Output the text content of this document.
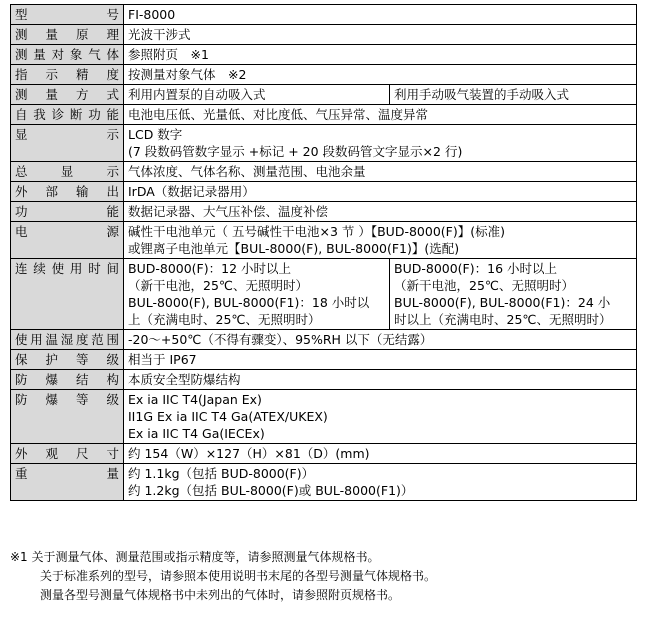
型号	FI-8000	
测量原理	光波干涉式	
测量对象气体	参照附页　※1	
指示精度	按测量对象气体　※2	
测量方式	利用内置泵的自动吸入式	利用手动吸气装置的手动吸入式
自我诊断功能	电池电压低、光量低、对比度低、气压异常、温度异常	
显示	LCD 数字
(7 段数码管数字显示 +标记 + 20 段数码管文字显示×2 行)	

总显示	气体浓度、气体名称、测量范围、电池余量	
外部输出	IrDA（数据记录器用）	
功能	数据记录器、大气压补偿、温度补偿	
电源	碱性干电池单元（ 五号碱性干电池×3 节 ）【BUD-8000(F)】(标准)
或锂离子电池单元【BUL-8000(F), BUL-8000(F1)】(选配)	

连续使用时间	BUD-8000(F)：12 小时以上
（新干电池，25℃、无照明时）
BUL-8000(F), BUL-8000(F1)：18 小时以
上（充满电时、25℃、无照明时）	BUD-8000(F)：16 小时以上
（新干电池，25℃、无照明时）
BUL-8000(F), BUL-8000(F1)：24 小
时以上（充满电时、25℃、无照明时）

使用温湿度范围	-20～+50℃（不得有骤变）、95%RH 以下（无结露）	
保护等级	相当于 IP67	
防爆结构	本质安全型防爆结构	
防爆等级	Ex ia IIC T4(Japan Ex)
II1G Ex ia IIC T4 Ga(ATEX/UKEX)
Ex ia IIC T4 Ga(IECEx)	

外观尺寸	约 154（W）×127（H）×81（D）(mm)	
重量	约 1.1kg（包括 BUD-8000(F)）
约 1.2kg（包括 BUL-8000(F)或 BUL-8000(F1)）	
※1 关于测量气体、测量范围或指示精度等，请参照测量气体规格书。
关于标准系列的型号，请参照本使用说明书末尾的各型号测量气体规格书。
测量各型号测量气体规格书中未列出的气体时，请参照附页规格书。
